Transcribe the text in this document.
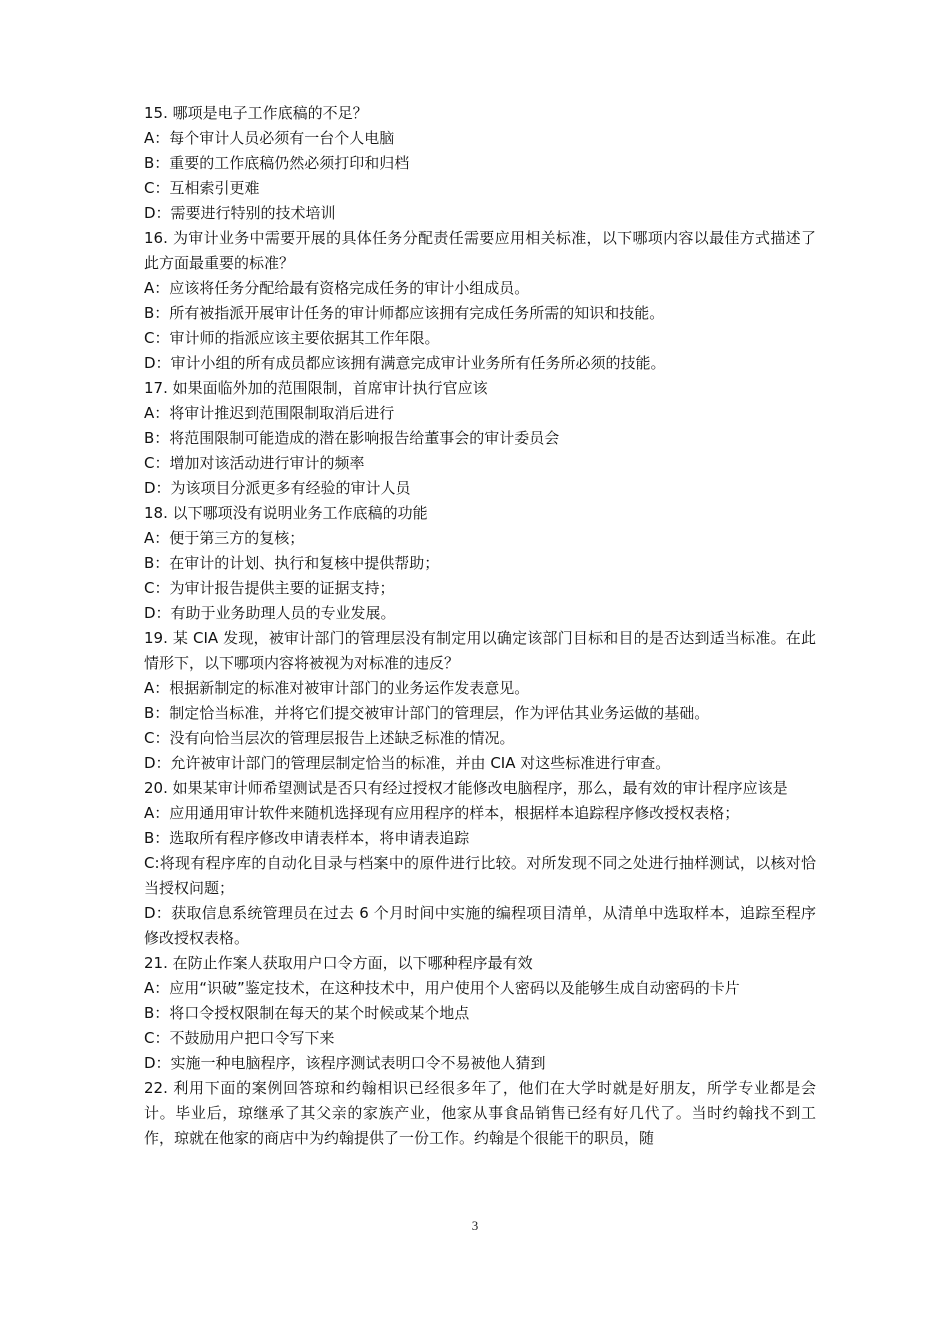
15. 哪项是电子工作底稿的不足？
A：每个审计人员必须有一台个人电脑
B：重要的工作底稿仍然必须打印和归档
C：互相索引更难
D：需要进行特别的技术培训
16. 为审计业务中需要开展的具体任务分配责任需要应用相关标准，以下哪项内容以最佳方式描述了此方面最重要的标准？
A：应该将任务分配给最有资格完成任务的审计小组成员。
B：所有被指派开展审计任务的审计师都应该拥有完成任务所需的知识和技能。
C：审计师的指派应该主要依据其工作年限。
D：审计小组的所有成员都应该拥有满意完成审计业务所有任务所必须的技能。
17. 如果面临外加的范围限制，首席审计执行官应该
A：将审计推迟到范围限制取消后进行
B：将范围限制可能造成的潜在影响报告给董事会的审计委员会
C：增加对该活动进行审计的频率
D：为该项目分派更多有经验的审计人员
18. 以下哪项没有说明业务工作底稿的功能
A：便于第三方的复核；
B：在审计的计划、执行和复核中提供帮助；
C：为审计报告提供主要的证据支持；
D：有助于业务助理人员的专业发展。
19. 某 CIA 发现，被审计部门的管理层没有制定用以确定该部门目标和目的是否达到适当标准。在此情形下，以下哪项内容将被视为对标准的违反？
A：根据新制定的标准对被审计部门的业务运作发表意见。
B：制定恰当标准，并将它们提交被审计部门的管理层，作为评估其业务运做的基础。
C：没有向恰当层次的管理层报告上述缺乏标准的情况。
D：允许被审计部门的管理层制定恰当的标准，并由 CIA 对这些标准进行审查。
20. 如果某审计师希望测试是否只有经过授权才能修改电脑程序，那么，最有效的审计程序应该是
A：应用通用审计软件来随机选择现有应用程序的样本，根据样本追踪程序修改授权表格；
B：选取所有程序修改申请表样本，将申请表追踪
C:将现有程序库的自动化目录与档案中的原件进行比较。对所发现不同之处进行抽样测试，以核对恰当授权问题；
D：获取信息系统管理员在过去 6 个月时间中实施的编程项目清单，从清单中选取样本，追踪至程序修改授权表格。
21. 在防止作案人获取用户口令方面，以下哪种程序最有效
A：应用“识破”鉴定技术，在这种技术中，用户使用个人密码以及能够生成自动密码的卡片
B：将口令授权限制在每天的某个时候或某个地点
C：不鼓励用户把口令写下来
D：实施一种电脑程序，该程序测试表明口令不易被他人猜到
22. 利用下面的案例回答琼和约翰相识已经很多年了，他们在大学时就是好朋友，所学专业都是会计。毕业后，琼继承了其父亲的家族产业，他家从事食品销售已经有好几代了。当时约翰找不到工作，琼就在他家的商店中为约翰提供了一份工作。约翰是个很能干的职员，随
3
